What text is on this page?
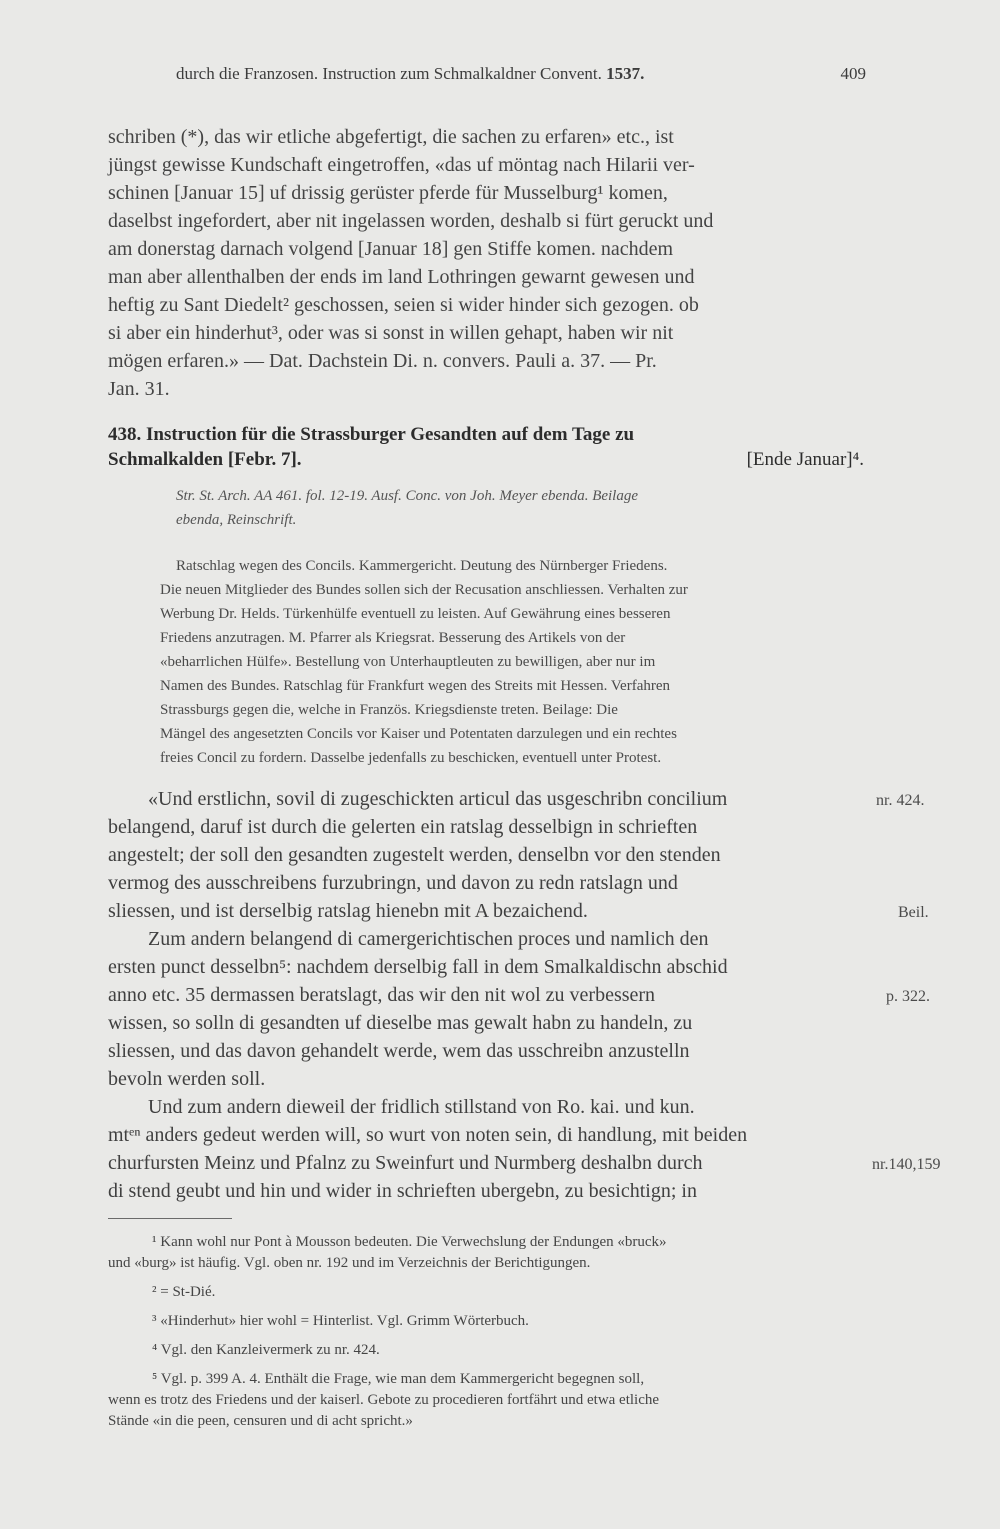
durch die Franzosen. Instruction zum Schmalkaldner Convent. 1537.	409
schriben (*), das wir etliche abgefertigt, die sachen zu erfaren» etc., ist
jüngst gewisse Kundschaft eingetroffen, «das uf möntag nach Hilarii ver-
schinen [Januar 15] uf drissig gerüster pferde für Musselburg¹ komen,
daselbst ingefordert, aber nit ingelassen worden, deshalb si fürt geruckt und
am donerstag darnach volgend [Januar 18] gen Stiffe komen. nachdem
man aber allenthalben der ends im land Lothringen gewarnt gewesen und
heftig zu Sant Diedelt² geschossen, seien si wider hinder sich gezogen. ob
si aber ein hinderhut³, oder was si sonst in willen gehapt, haben wir nit
mögen erfaren.» — Dat. Dachstein Di. n. convers. Pauli a. 37. — Pr.
Jan. 31.
438. Instruction für die Strassburger Gesandten auf dem Tage zu
Schmalkalden [Febr. 7].	[Ende Januar]⁴.
Str. St. Arch. AA 461. fol. 12-19. Ausf. Conc. von Joh. Meyer ebenda. Beilage
ebenda, Reinschrift.
Ratschlag wegen des Concils. Kammergericht. Deutung des Nürnberger Friedens.
Die neuen Mitglieder des Bundes sollen sich der Recusation anschliessen. Verhalten zur
Werbung Dr. Helds. Türkenhülfe eventuell zu leisten. Auf Gewährung eines besseren
Friedens anzutragen. M. Pfarrer als Kriegsrat. Besserung des Artikels von der
«beharrlichen Hülfe». Bestellung von Unterhauptleuten zu bewilligen, aber nur im
Namen des Bundes. Ratschlag für Frankfurt wegen des Streits mit Hessen. Verfahren
Strassburgs gegen die, welche in Französ. Kriegsdienste treten. Beilage: Die
Mängel des angesetzten Concils vor Kaiser und Potentaten darzulegen und ein rechtes
freies Concil zu fordern. Dasselbe jedenfalls zu beschicken, eventuell unter Protest.
«Und erstlichn, sovil di zugeschickten articul das usgeschribn concilium
belangend, daruf ist durch die gelerten ein ratslag desselbign in schrieften
angestelt; der soll den gesandten zugestelt werden, denselbn vor den stenden
vermog des ausschreibens furzubringn, und davon zu redn ratslagn und
sliessen, und ist derselbig ratslag hienebn mit A bezaichend.
Zum andern belangend di camergerichtischen proces und namlich den
ersten punct desselbn⁵: nachdem derselbig fall in dem Smalkaldischn abschid
anno etc. 35 dermassen beratslagt, das wir den nit wol zu verbessern
wissen, so solln di gesandten uf dieselbe mas gewalt habn zu handeln, zu
sliessen, und das davon gehandelt werde, wem das usschreibn anzustelln
bevoln werden soll.
Und zum andern dieweil der fridlich stillstand von Ro. kai. und kun.
mtᵉⁿ anders gedeut werden will, so wurt von noten sein, di handlung, mit beiden
churfursten Meinz und Pfalnz zu Sweinfurt und Nurmberg deshalbn durch
di stend geubt und hin und wider in schrieften ubergebn, zu besichtign; in
nr. 424.
Beil.
p. 322.
nr.140,159
¹ Kann wohl nur Pont à Mousson bedeuten. Die Verwechslung der Endungen «bruck»
und «burg» ist häufig. Vgl. oben nr. 192 und im Verzeichnis der Berichtigungen.
² = St-Dié.
³ «Hinderhut» hier wohl = Hinterlist. Vgl. Grimm Wörterbuch.
⁴ Vgl. den Kanzleivermerk zu nr. 424.
⁵ Vgl. p. 399 A. 4. Enthält die Frage, wie man dem Kammergericht begegnen soll,
wenn es trotz des Friedens und der kaiserl. Gebote zu procedieren fortfährt und etwa etliche
Stände «in die peen, censuren und di acht spricht.»
